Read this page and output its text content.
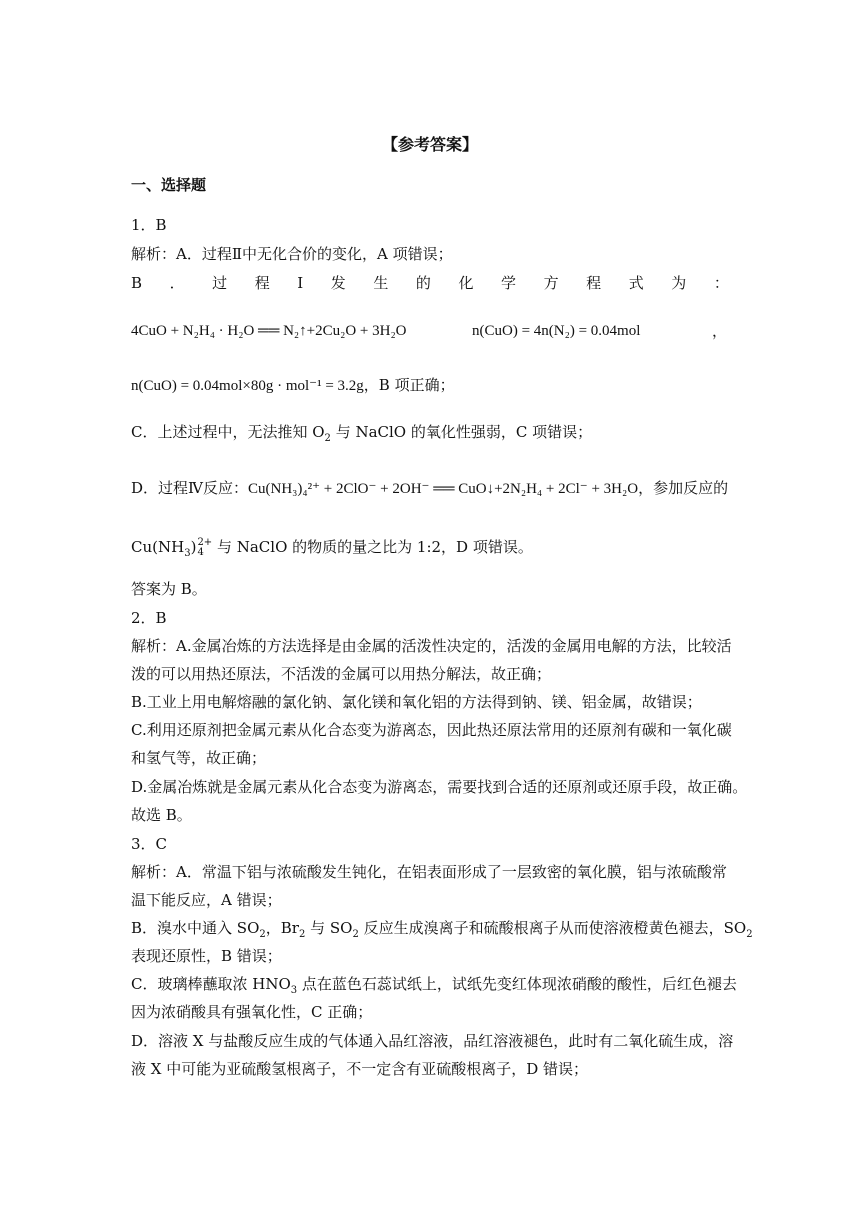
【参考答案】
一、选择题
1．B
解析：A．过程Ⅱ中无化合价的变化，A 项错误；
B ． 过 程 I 发 生 的 化 学 方 程 式 为 ：
4CuO + N₂H₄ · H₂O ══ N₂↑+2Cu₂O + 3H₂O	n(CuO) = 4n(N₂) = 0.04mol	，
n(CuO) = 0.04mol×80g · mol⁻¹ = 3.2g，B 项正确；
C．上述过程中，无法推知 $O_2$ 与 NaClO 的氧化性强弱，C 项错误；
D．过程Ⅳ反应：Cu(NH₃)₄²⁺ + 2ClO⁻ + 2OH⁻ ══ CuO↓+2N₂H₄ + 2Cl⁻ + 3H₂O，参加反应的
$Cu(NH_3)$ 2+
4 与 NaClO 的物质的量之比为 1:2，D 项错误。
答案为 B。
2．B
解析：A.金属冶炼的方法选择是由金属的活泼性决定的，活泼的金属用电解的方法，比较活
泼的可以用热还原法，不活泼的金属可以用热分解法，故正确；
B.工业上用电解熔融的氯化钠、氯化镁和氧化铝的方法得到钠、镁、铝金属，故错误；
C.利用还原剂把金属元素从化合态变为游离态，因此热还原法常用的还原剂有碳和一氧化碳
和氢气等，故正确；
D.金属冶炼就是金属元素从化合态变为游离态，需要找到合适的还原剂或还原手段，故正确。
故选 B。
3．C
解析：A．常温下铝与浓硫酸发生钝化，在铝表面形成了一层致密的氧化膜，铝与浓硫酸常
温下能反应，A 错误；
B．溴水中通入 $SO_2$，$Br_2$ 与 $SO_2$ 反应生成溴离子和硫酸根离子从而使溶液橙黄色褪去，$SO_2$
表现还原性，B 错误；
C．玻璃棒蘸取浓 $HNO_3$ 点在蓝色石蕊试纸上，试纸先变红体现浓硝酸的酸性，后红色褪去
因为浓硝酸具有强氧化性，C 正确；
D．溶液 X 与盐酸反应生成的气体通入品红溶液，品红溶液褪色，此时有二氧化硫生成，溶
液 X 中可能为亚硫酸氢根离子，不一定含有亚硫酸根离子，D 错误；
